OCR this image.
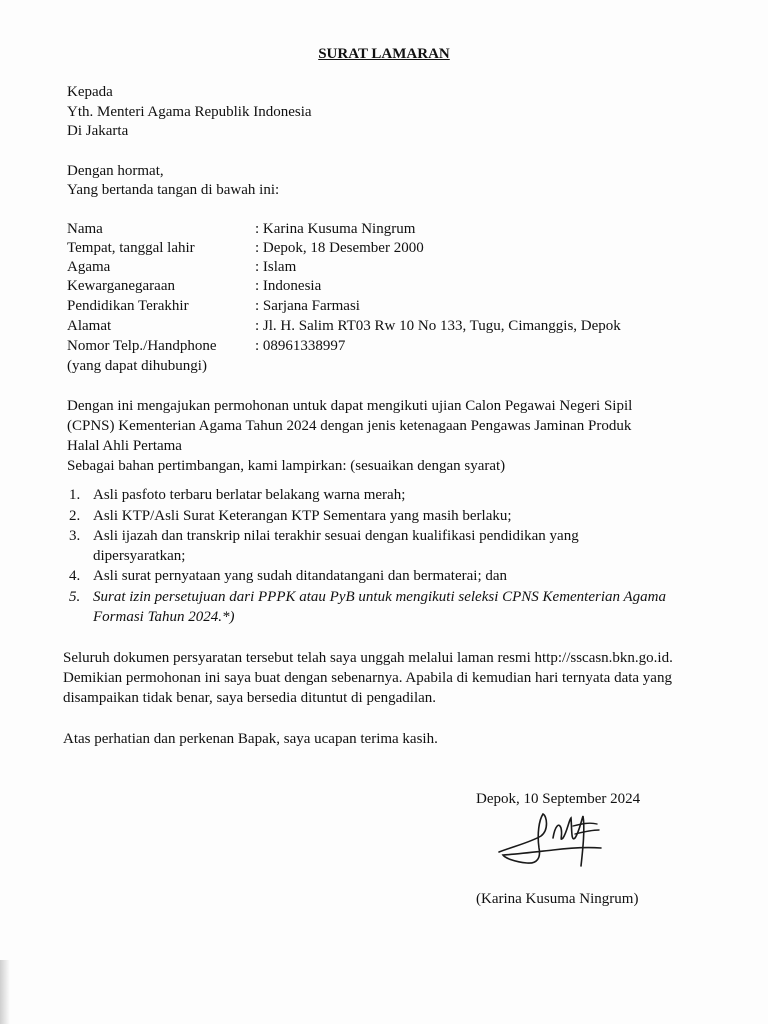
SURAT LAMARAN
Kepada
Yth. Menteri Agama Republik Indonesia
Di Jakarta
Dengan hormat,
Yang bertanda tangan di bawah ini:
Nama	: Karina Kusuma Ningrum
Tempat, tanggal lahir	: Depok, 18 Desember 2000
Agama	: Islam
Kewarganegaraan	: Indonesia
Pendidikan Terakhir	: Sarjana Farmasi
Alamat	: Jl. H. Salim RT03 Rw 10 No 133, Tugu, Cimanggis, Depok
Nomor Telp./Handphone	: 08961338997
(yang dapat dihubungi)
Dengan ini mengajukan permohonan untuk dapat mengikuti ujian Calon Pegawai Negeri Sipil
(CPNS) Kementerian Agama Tahun 2024 dengan jenis ketenagaan Pengawas Jaminan Produk
Halal Ahli Pertama
Sebagai bahan pertimbangan, kami lampirkan: (sesuaikan dengan syarat)
1. Asli pasfoto terbaru berlatar belakang warna merah;
2. Asli KTP/Asli Surat Keterangan KTP Sementara yang masih berlaku;
3. Asli ijazah dan transkrip nilai terakhir sesuai dengan kualifikasi pendidikan yang
dipersyaratkan;
4. Asli surat pernyataan yang sudah ditandatangani dan bermaterai; dan
5. Surat izin persetujuan dari PPPK atau PyB untuk mengikuti seleksi CPNS Kementerian Agama
Formasi Tahun 2024.*)
Seluruh dokumen persyaratan tersebut telah saya unggah melalui laman resmi http://sscasn.bkn.go.id.
Demikian permohonan ini saya buat dengan sebenarnya. Apabila di kemudian hari ternyata data yang
disampaikan tidak benar, saya bersedia dituntut di pengadilan.
Atas perhatian dan perkenan Bapak, saya ucapan terima kasih.
Depok, 10 September 2024
(Karina Kusuma Ningrum)
